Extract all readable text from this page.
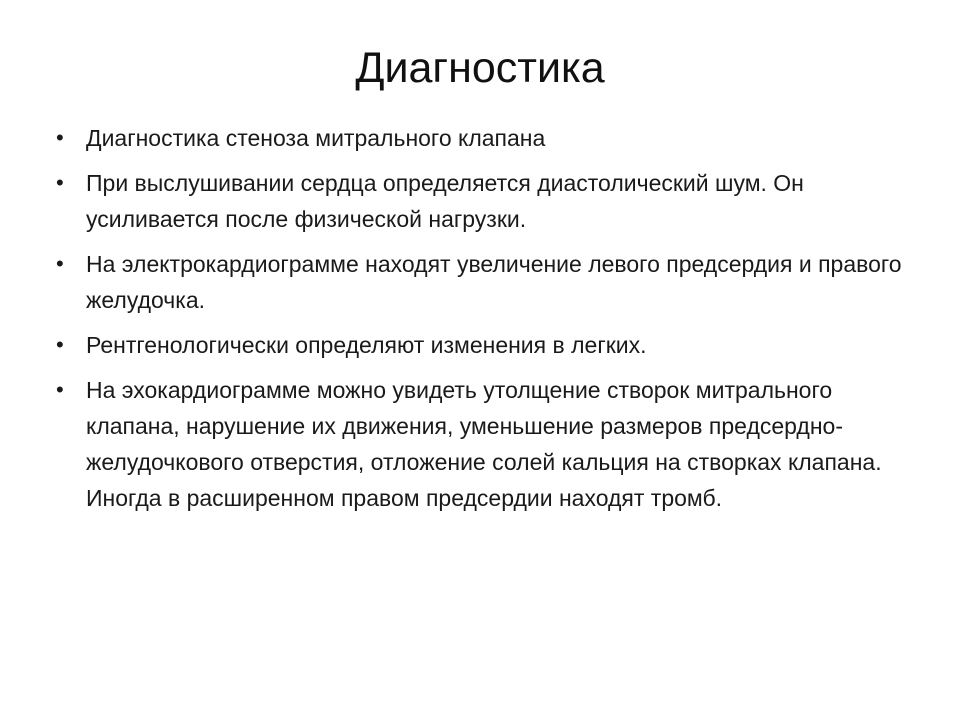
Диагностика
• Диагностика стеноза митрального клапана
• При выслушивании сердца определяется диастолический шум. Он усиливается после физической нагрузки.
• На электрокардиограмме находят увеличение левого предсердия и правого желудочка.
• Рентгенологически определяют изменения в легких.
• На эхокардиограмме можно увидеть утолщение створок митрального клапана, нарушение их движения, уменьшение размеров предсердно-желудочкового отверстия, отложение солей кальция на створках клапана. Иногда в расширенном правом предсердии находят тромб.
